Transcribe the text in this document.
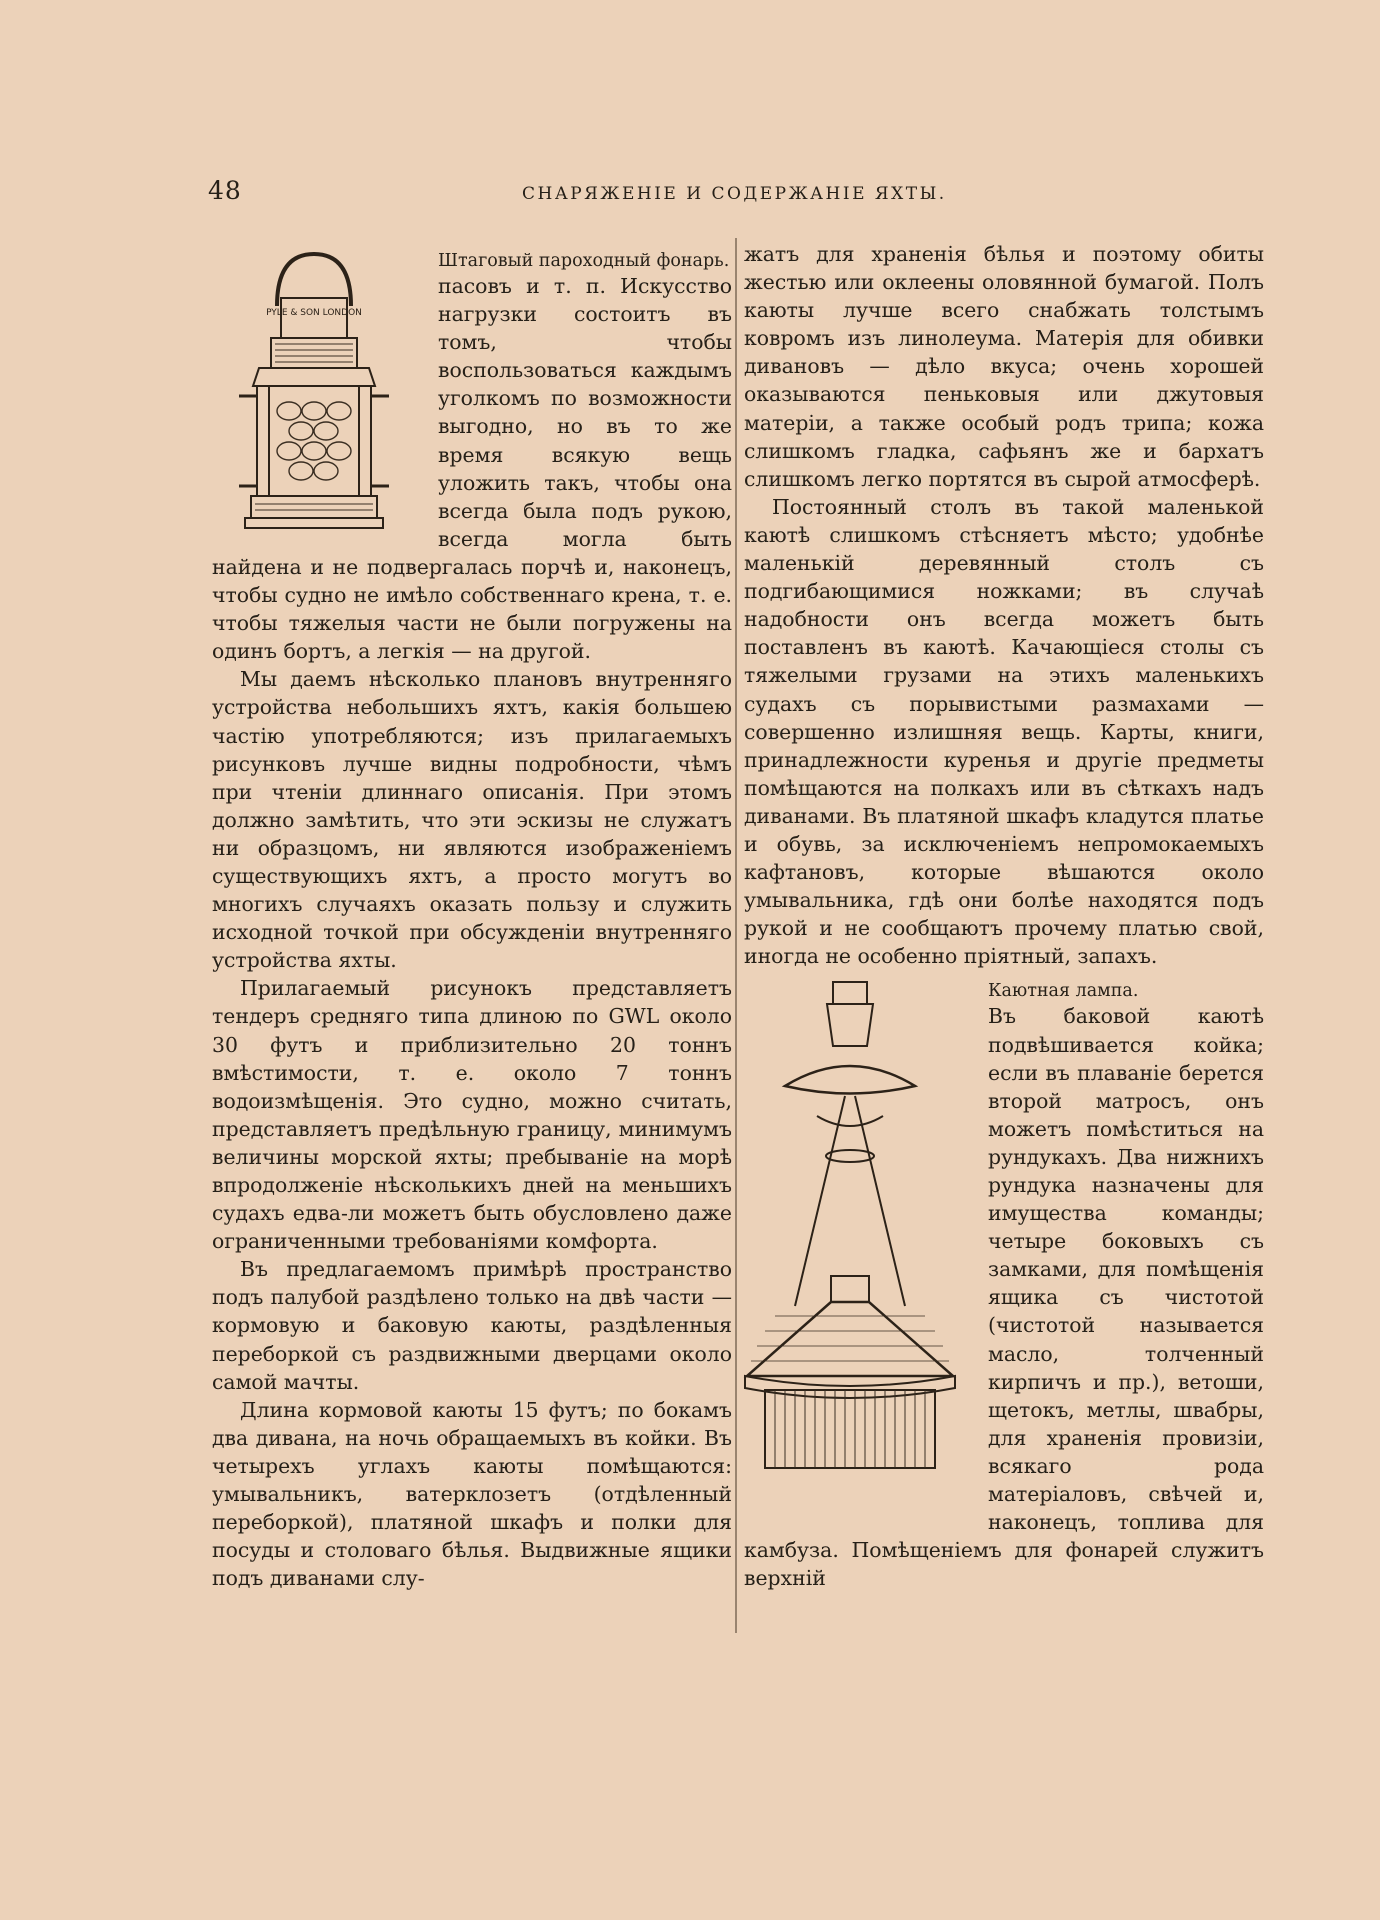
48	СНАРЯЖЕНІЕ И СОДЕРЖАНІЕ ЯХТЫ.

PYLE & SON LONDON

Штаговый пароходный фонарь.
пасовъ и т. п. Искусство нагрузки состоитъ въ томъ, чтобы воспользоваться каждымъ уголкомъ по возможности выгодно, но въ то же время всякую вещь уложить такъ, чтобы она всегда была подъ рукою, всегда могла быть найдена и не подвергалась порчѣ и, наконецъ, чтобы судно не имѣло собственнаго крена, т. е. чтобы тяжелыя части не были погружены на одинъ бортъ, а легкія — на другой.

Мы даемъ нѣсколько плановъ внутренняго устройства небольшихъ яхтъ, какія большею частію употребляются; изъ прилагаемыхъ рисунковъ лучше видны подробности, чѣмъ при чтеніи длиннаго описанія. При этомъ должно замѣтить, что эти эскизы не служатъ ни образцомъ, ни являются изображеніемъ существующихъ яхтъ, а просто могутъ во многихъ случаяхъ оказать пользу и служить исходной точкой при обсужденіи внутренняго устройства яхты.

Прилагаемый рисунокъ представляетъ тендеръ средняго типа длиною по GWL около 30 футъ и приблизительно 20 тоннъ вмѣстимости, т. е. около 7 тоннъ водоизмѣщенія. Это судно, можно считать, представляетъ предѣльную границу, минимумъ величины морской яхты; пребываніе на морѣ впродолженіе нѣсколькихъ дней на меньшихъ судахъ едва-ли можетъ быть обусловлено даже ограниченными требованіями комфорта.

Въ предлагаемомъ примѣрѣ пространство подъ палубой раздѣлено только на двѣ части — кормовую и баковую каюты, раздѣленныя переборкой съ раздвижными дверцами около самой мачты.

Длина кормовой каюты 15 футъ; по бокамъ два дивана, на ночь обращаемыхъ въ койки. Въ четырехъ углахъ каюты помѣщаются: умывальникъ, ватерклозетъ (отдѣленный переборкой), платяной шкафъ и полки для посуды и столоваго бѣлья. Выдвижные ящики подъ диванами слу-

жатъ для храненія бѣлья и поэтому обиты жестью или оклеены оловянной бумагой. Полъ каюты лучше всего снабжать толстымъ ковромъ изъ линолеума. Матерія для обивки дивановъ — дѣло вкуса; очень хорошей оказываются пеньковыя или джутовыя матеріи, а также особый родъ трипа; кожа слишкомъ гладка, сафьянъ же и бархатъ слишкомъ легко портятся въ сырой атмосферѣ.

Постоянный столъ въ такой маленькой каютѣ слишкомъ стѣсняетъ мѣсто; удобнѣе маленькій деревянный столъ съ подгибающимися ножками; въ случаѣ надобности онъ всегда можетъ быть поставленъ въ каютѣ. Качающіеся столы съ тяжелыми грузами на этихъ маленькихъ судахъ съ порывистыми размахами — совершенно излишняя вещь. Карты, книги, принадлежности куренья и другіе предметы помѣщаются на полкахъ или въ сѣткахъ надъ диванами. Въ платяной шкафъ кладутся платье и обувь, за исключеніемъ непромокаемыхъ кафтановъ, которые вѣшаются около умывальника, гдѣ они болѣе находятся подъ рукой и не сообщаютъ прочему платью свой, иногда не особенно пріятный, запахъ.

Каютная лампа.
Въ баковой каютѣ подвѣшивается койка; если въ плаваніе берется второй матросъ, онъ можетъ помѣститься на рундукахъ. Два нижнихъ рундука назначены для имущества команды; четыре боковыхъ съ замками, для помѣщенія ящика съ чистотой (чистотой называется масло, толченный кирпичъ и пр.), ветоши, щетокъ, метлы, швабры, для храненія провизіи, всякаго рода матеріаловъ, свѣчей и, наконецъ, топлива для камбуза. Помѣщеніемъ для фонарей служитъ верхній
